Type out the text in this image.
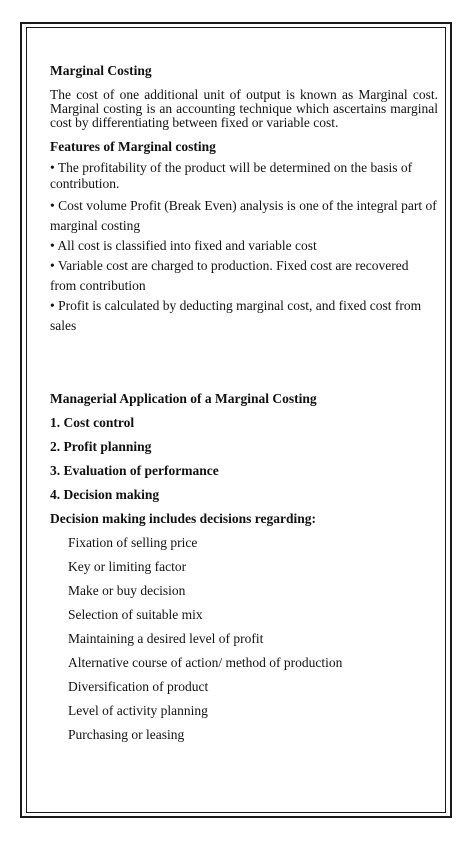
Marginal Costing

The cost of one additional unit of output is known as Marginal cost. Marginal costing is an accounting technique which ascertains marginal cost by differentiating between fixed or variable cost.

Features of Marginal costing

• The profitability of the product will be determined on the basis of contribution.

• Cost volume Profit (Break Even) analysis is one of the integral part of marginal costing

• All cost is classified into fixed and variable cost

• Variable cost are charged to production. Fixed cost are recovered from contribution

• Profit is calculated by deducting marginal cost, and fixed cost from sales

Managerial Application of a Marginal Costing

1. Cost control

2. Profit planning

3. Evaluation of performance

4. Decision making

Decision making includes decisions regarding:

Fixation of selling price

Key or limiting factor

Make or buy decision

Selection of suitable mix

Maintaining a desired level of profit

Alternative course of action/ method of production

Diversification of product

Level of activity planning

Purchasing or leasing
